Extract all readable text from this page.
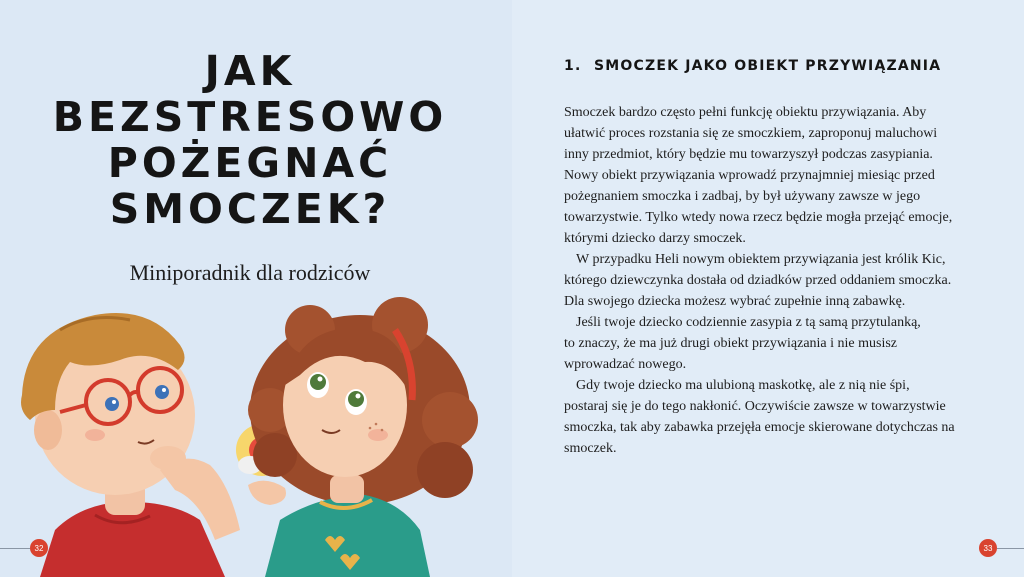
JAK
BEZSTRESOWO
POŻEGNAĆ
SMOCZEK?
Miniporadnik dla rodziców
32
1. SMOCZEK JAKO OBIEKT PRZYWIĄZANIA
Smoczek bardzo często pełni funkcję obiektu przywiązania. Aby
ułatwić proces rozstania się ze smoczkiem, zaproponuj maluchowi
inny przedmiot, który będzie mu towarzyszył podczas zasypiania.
Nowy obiekt przywiązania wprowadź przynajmniej miesiąc przed
pożegnaniem smoczka i zadbaj, by był używany zawsze w jego
towarzystwie. Tylko wtedy nowa rzecz będzie mogła przejąć emocje,
którymi dziecko darzy smoczek.
W przypadku Heli nowym obiektem przywiązania jest królik Kic,
którego dziewczynka dostała od dziadków przed oddaniem smoczka.
Dla swojego dziecka możesz wybrać zupełnie inną zabawkę.
Jeśli twoje dziecko codziennie zasypia z tą samą przytulanką,
to znaczy, że ma już drugi obiekt przywiązania i nie musisz
wprowadzać nowego.
Gdy twoje dziecko ma ulubioną maskotkę, ale z nią nie śpi,
postaraj się je do tego nakłonić. Oczywiście zawsze w towarzystwie
smoczka, tak aby zabawka przejęła emocje skierowane dotychczas na
smoczek.
33
